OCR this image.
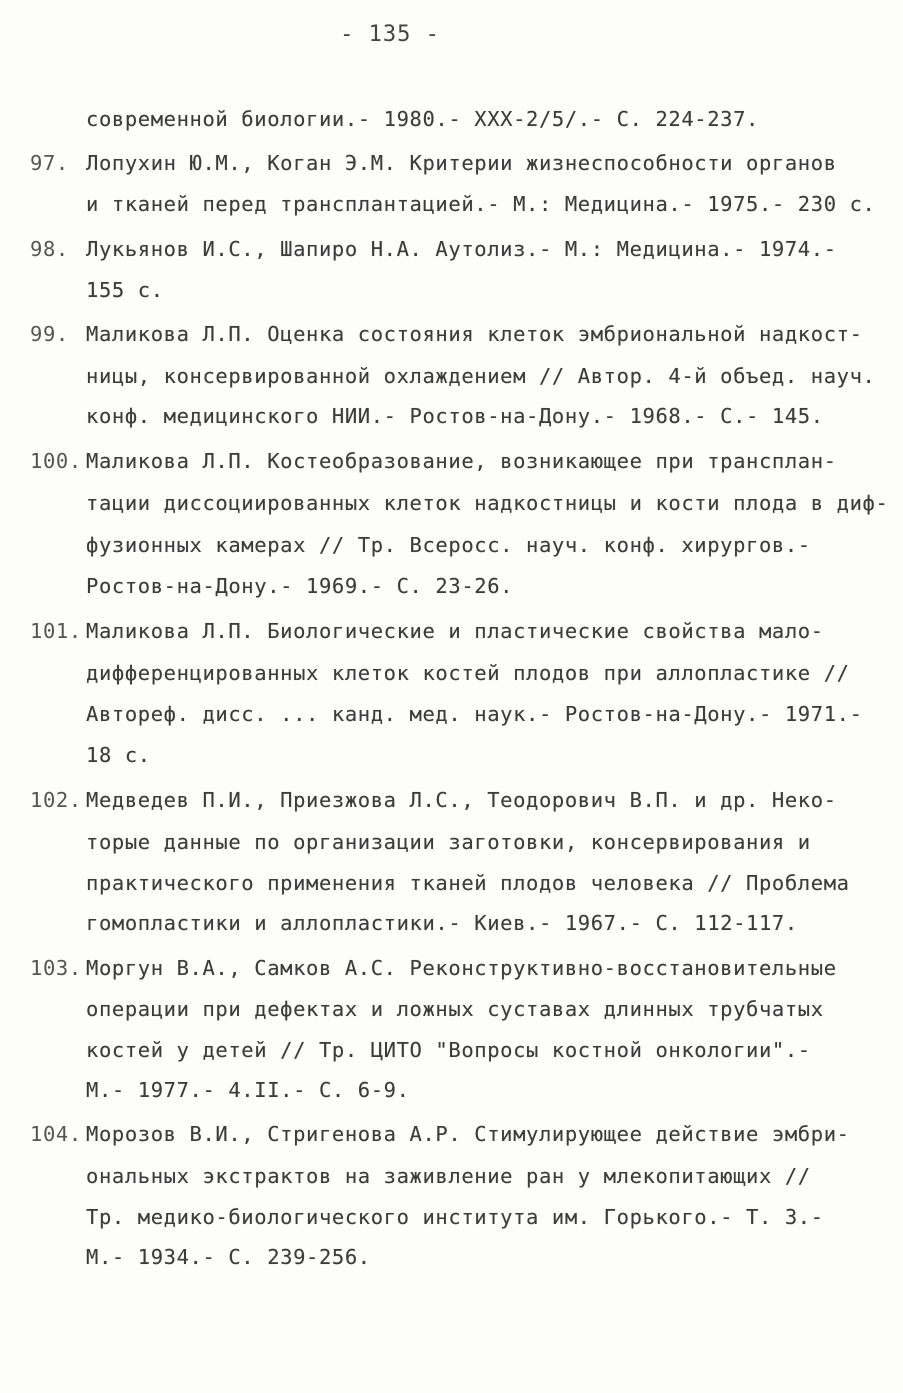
- 135 -
современной биологии.- 1980.- XXX-2/5/.- С. 224-237.
97. Лопухин Ю.М., Коган Э.М. Критерии жизнеспособности органов
и тканей перед трансплантацией.- М.: Медицина.- 1975.- 230 с.
98. Лукьянов И.С., Шапиро Н.А. Аутолиз.- М.: Медицина.- 1974.-
155 с.
99. Маликова Л.П. Оценка состояния клеток эмбриональной надкост-
ницы, консервированной охлаждением // Автор. 4-й объед. науч.
конф. медицинского НИИ.- Ростов-на-Дону.- 1968.- С.- 145.
100. Маликова Л.П. Костеобразование, возникающее при трансплан-
тации диссоциированных клеток надкостницы и кости плода в диф-
фузионных камерах // Тр. Всеросс. науч. конф. хирургов.-
Ростов-на-Дону.- 1969.- С. 23-26.
101. Маликова Л.П. Биологические и пластические свойства мало-
дифференцированных клеток костей плодов при аллопластике //
Автореф. дисс. ... канд. мед. наук.- Ростов-на-Дону.- 1971.-
18 с.
102. Медведев П.И., Приезжова Л.С., Теодорович В.П. и др. Неко-
торые данные по организации заготовки, консервирования и
практического применения тканей плодов человека // Проблема
гомопластики и аллопластики.- Киев.- 1967.- С. 112-117.
103. Моргун В.А., Самков А.С. Реконструктивно-восстановительные
операции при дефектах и ложных суставах длинных трубчатых
костей у детей // Тр. ЦИТО "Вопросы костной онкологии".-
М.- 1977.- 4.II.- С. 6-9.
104. Морозов В.И., Стригенова А.Р. Стимулирующее действие эмбри-
ональных экстрактов на заживление ран у млекопитающих //
Тр. медико-биологического института им. Горького.- Т. 3.-
М.- 1934.- С. 239-256.
